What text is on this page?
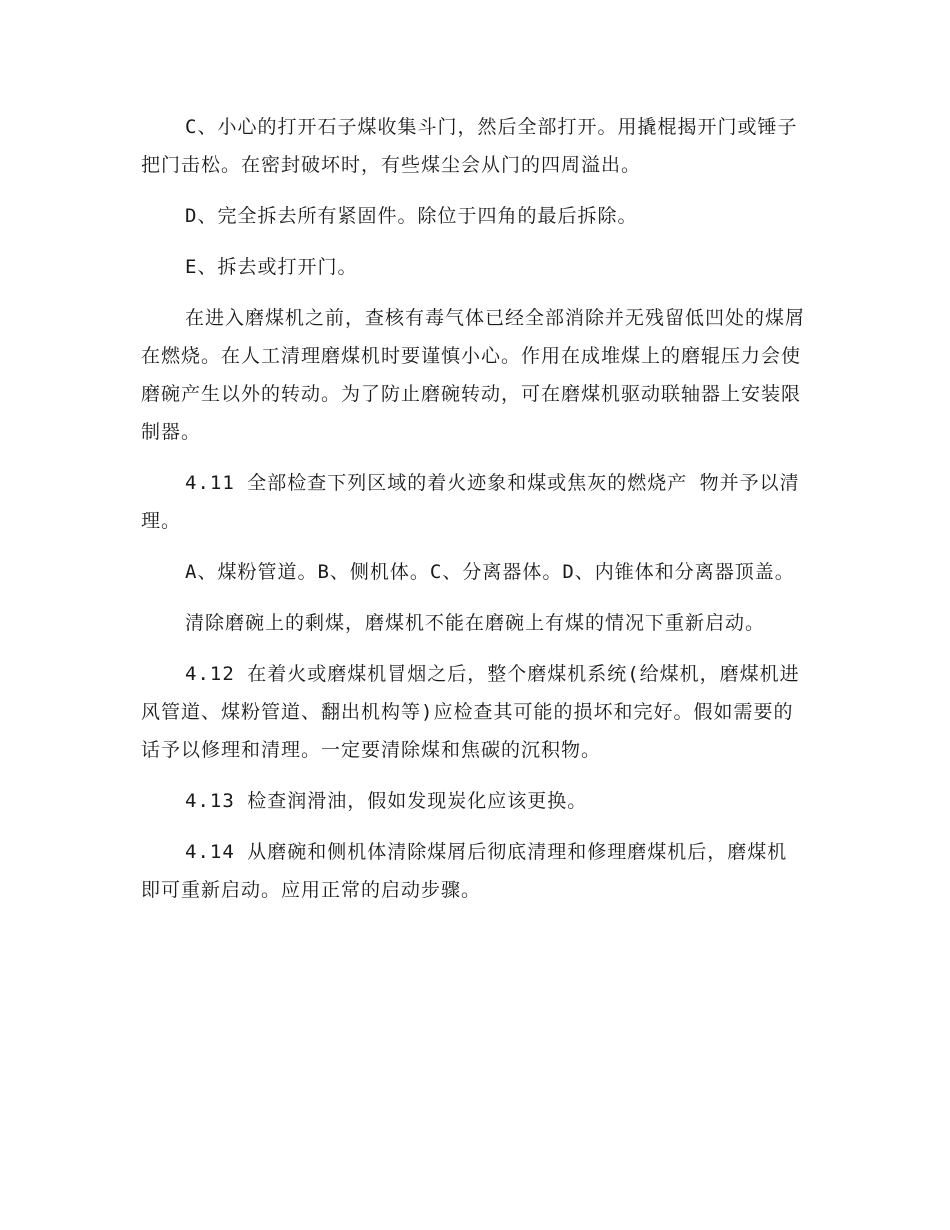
C、小心的打开石子煤收集斗门，然后全部打开。用撬棍揭开门或锤子把门击松。在密封破坏时，有些煤尘会从门的四周溢出。

D、完全拆去所有紧固件。除位于四角的最后拆除。

E、拆去或打开门。

在进入磨煤机之前，查核有毒气体已经全部消除并无残留低凹处的煤屑在燃烧。在人工清理磨煤机时要谨慎小心。作用在成堆煤上的磨辊压力会使磨碗产生以外的转动。为了防止磨碗转动，可在磨煤机驱动联轴器上安装限制器。

4.11 全部检查下列区域的着火迹象和煤或焦灰的燃烧产 物并予以清理。

A、煤粉管道。B、侧机体。C、分离器体。D、内锥体和分离器顶盖。

清除磨碗上的剩煤，磨煤机不能在磨碗上有煤的情况下重新启动。

4.12 在着火或磨煤机冒烟之后，整个磨煤机系统(给煤机，磨煤机进风管道、煤粉管道、翻出机构等)应检查其可能的损坏和完好。假如需要的话予以修理和清理。一定要清除煤和焦碳的沉积物。

4.13 检查润滑油，假如发现炭化应该更换。

4.14 从磨碗和侧机体清除煤屑后彻底清理和修理磨煤机后，磨煤机即可重新启动。应用正常的启动步骤。
